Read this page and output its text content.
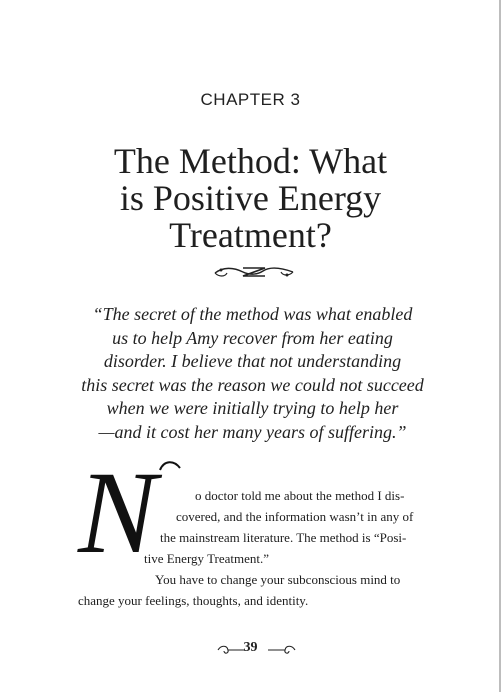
CHAPTER 3
The Method: What
is Positive Energy
Treatment?
“The secret of the method was what enabled
us to help Amy recover from her eating
disorder. I believe that not understanding
this secret was the reason we could not succeed
when we were initially trying to help her
—and it cost her many years of suffering.”
N	o doctor told me about the method I dis-
covered, and the information wasn’t in any of
the mainstream literature. The method is “Posi-
tive Energy Treatment.”
You have to change your subconscious mind to
change your feelings, thoughts, and identity.
39
